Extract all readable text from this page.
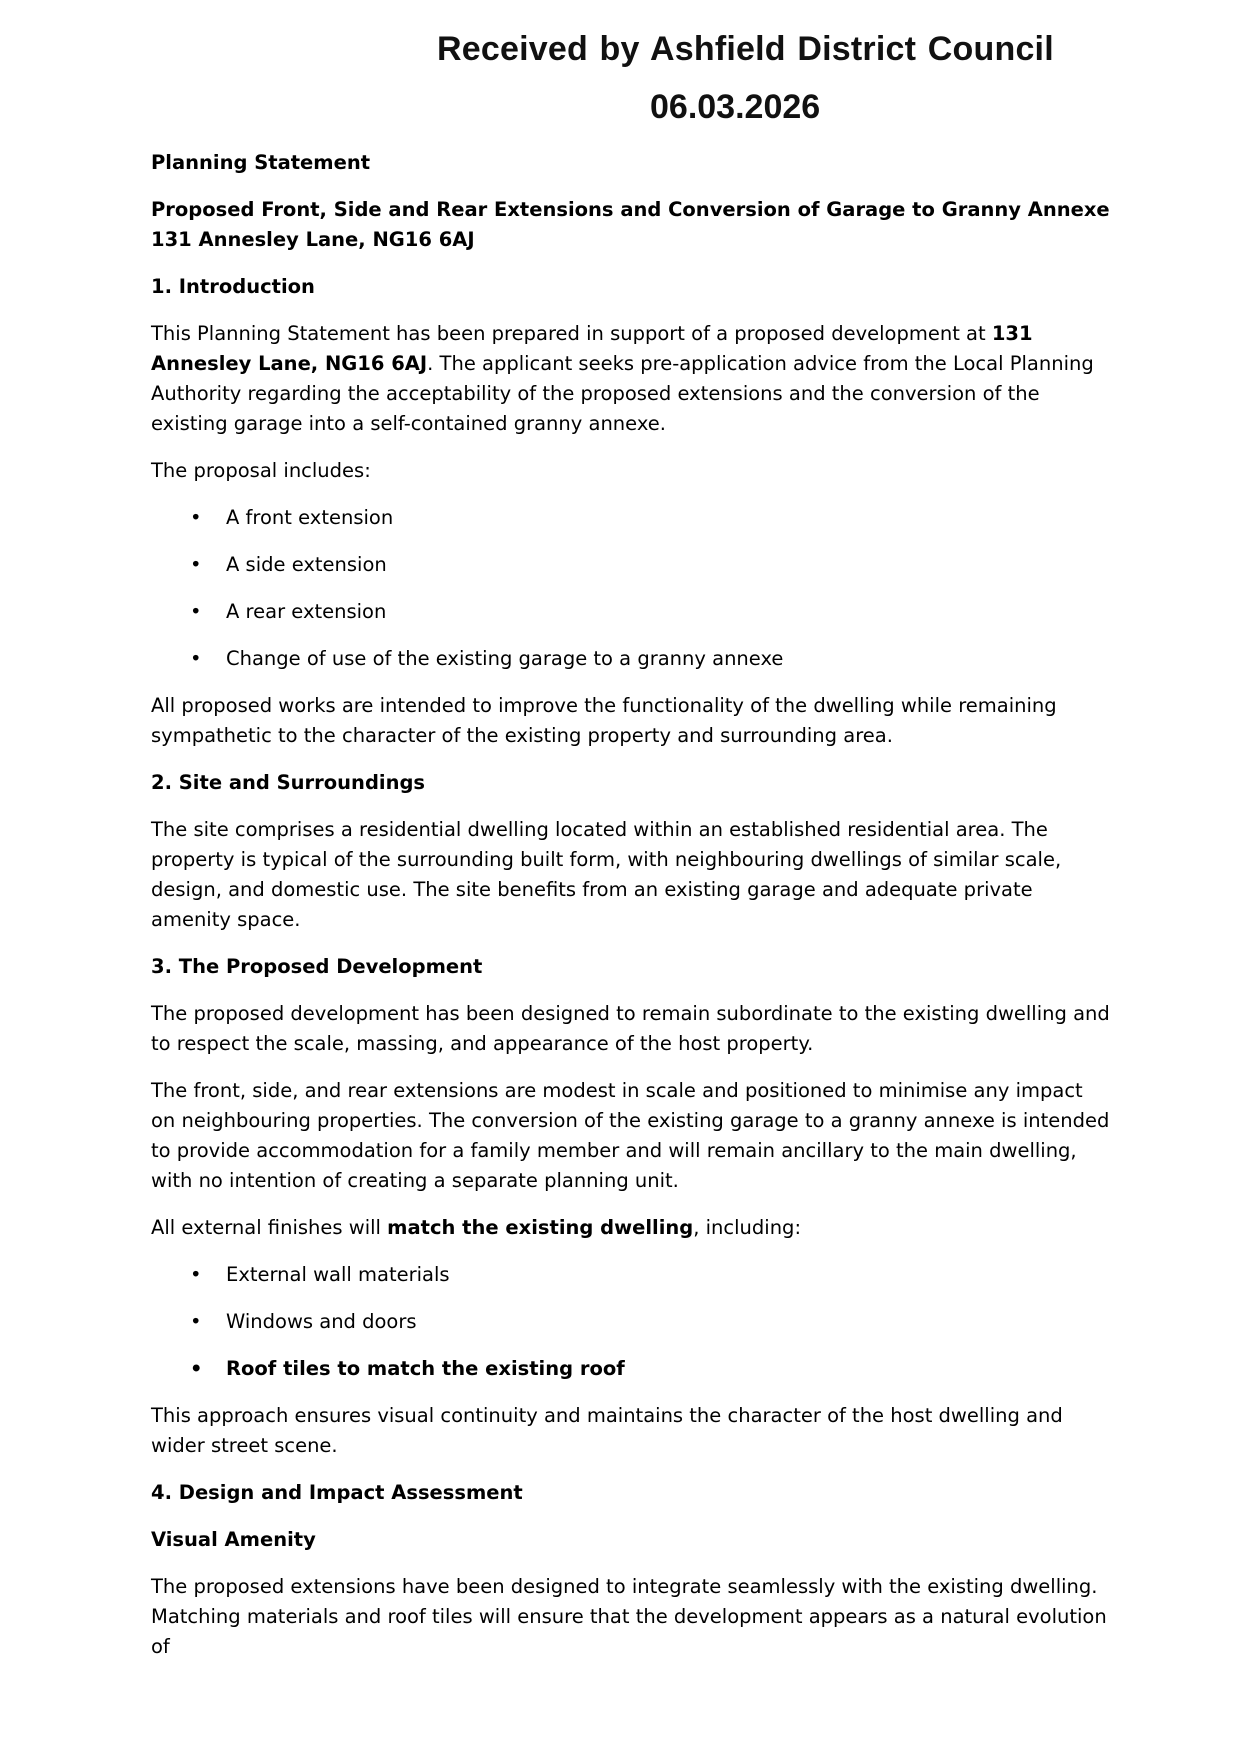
Received by Ashfield District Council
06.03.2026

Planning Statement

Proposed Front, Side and Rear Extensions and Conversion of Garage to Granny Annexe
131 Annesley Lane, NG16 6AJ

1. Introduction

This Planning Statement has been prepared in support of a proposed development at 131 Annesley Lane, NG16 6AJ. The applicant seeks pre-application advice from the Local Planning Authority regarding the acceptability of the proposed extensions and the conversion of the existing garage into a self-contained granny annexe.

The proposal includes:

• A front extension
• A side extension
• A rear extension
• Change of use of the existing garage to a granny annexe

All proposed works are intended to improve the functionality of the dwelling while remaining sympathetic to the character of the existing property and surrounding area.

2. Site and Surroundings

The site comprises a residential dwelling located within an established residential area. The property is typical of the surrounding built form, with neighbouring dwellings of similar scale, design, and domestic use. The site benefits from an existing garage and adequate private amenity space.

3. The Proposed Development

The proposed development has been designed to remain subordinate to the existing dwelling and to respect the scale, massing, and appearance of the host property.

The front, side, and rear extensions are modest in scale and positioned to minimise any impact on neighbouring properties. The conversion of the existing garage to a granny annexe is intended to provide accommodation for a family member and will remain ancillary to the main dwelling, with no intention of creating a separate planning unit.

All external finishes will match the existing dwelling, including:

• External wall materials
• Windows and doors
• Roof tiles to match the existing roof

This approach ensures visual continuity and maintains the character of the host dwelling and wider street scene.

4. Design and Impact Assessment

Visual Amenity

The proposed extensions have been designed to integrate seamlessly with the existing dwelling. Matching materials and roof tiles will ensure that the development appears as a natural evolution of
